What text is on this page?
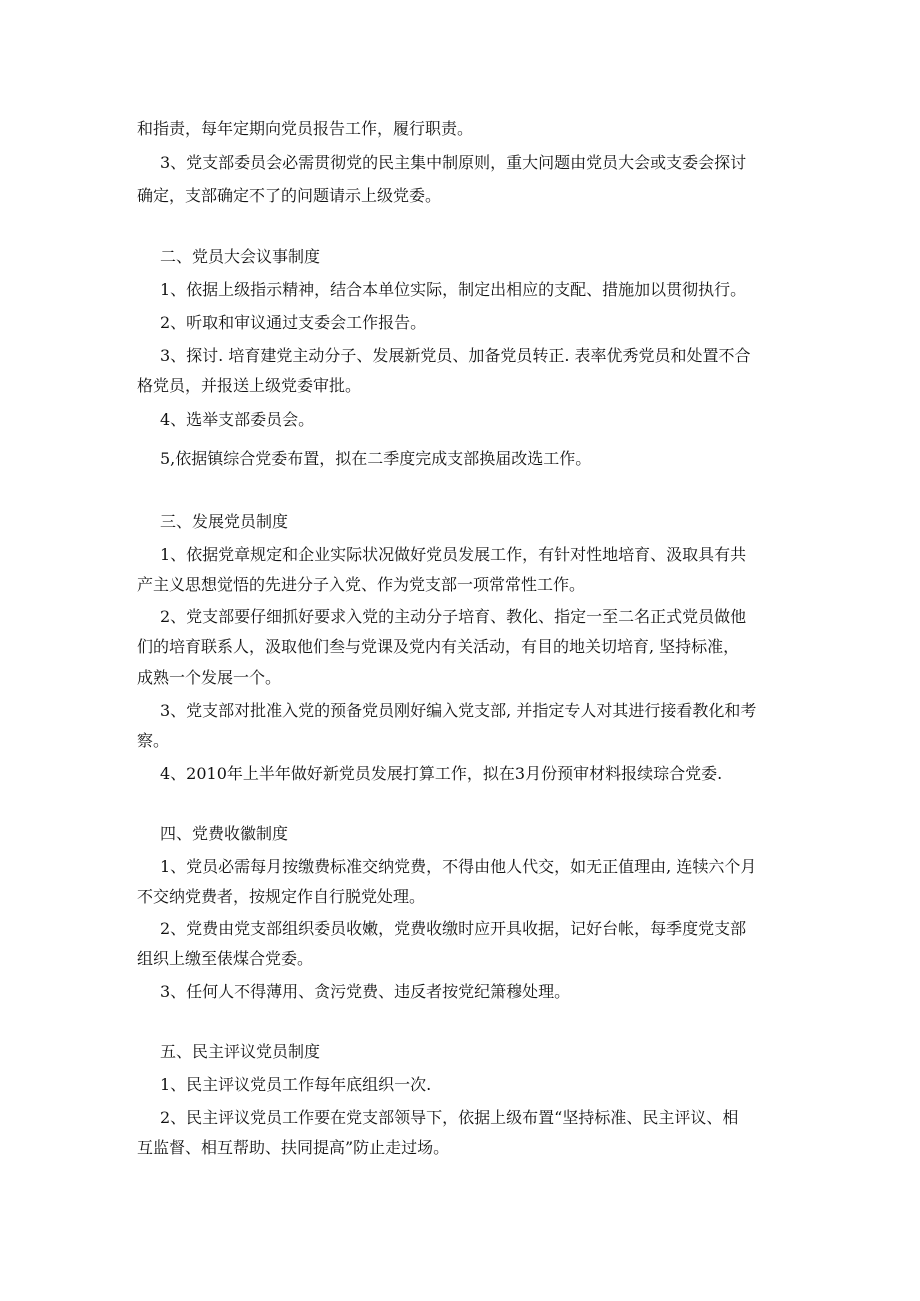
和指责，每年定期向党员报告工作，履行职责。
3、党支部委员会必需贯彻党的民主集中制原则，重大问题由党员大会或支委会探讨
确定，支部确定不了的问题请示上级党委。
二、党员大会议事制度
1、依据上级指示精神，结合本单位实际，制定出相应的支配、措施加以贯彻执行。
2、听取和审议通过支委会工作报告。
3、探讨. 培育建党主动分子、发展新党员、加备党员转正. 表率优秀党员和处置不合
格党员，并报送上级党委审批。
4、选举支部委员会。
5,依据镇综合党委布置，拟在二季度完成支部换届改选工作。
三、发展党员制度
1、依据党章规定和企业实际状况做好党员发展工作，有针对性地培育、汲取具有共
产主义思想觉悟的先进分子入党、作为党支部一项常常性工作。
2、党支部要仔细抓好要求入党的主动分子培育、教化、指定一至二名正式党员做他
们的培育联系人，汲取他们叁与党课及党内有关活动，有目的地关切培育, 坚持标准，
成熟一个发展一个。
3、党支部对批准入党的预备党员刚好编入党支部, 并指定专人对其进行接看教化和考
察。
4、2010年上半年做好新党员发展打算工作，拟在3月份预审材料报续琮合党委.
四、党费收徽制度
1、党员必需每月按缴费标准交纳党费，不得由他人代交，如无正值理由, 连犊六个月
不交纳党费者，按规定作自行脱党处理。
2、党费由党支部组织委员收嫩，党费收缴时应开具收据，记好台帐，每季度党支部
组织上缴至俵煤合党委。
3、任何人不得薄用、贪污党费、违反者按党纪箫穆处理。
五、民主评议党员制度
1、民主评议党员工作每年底组织一次.
2、民主评议党员工作要在党支部领导下，依据上级布置“坚持标准、民主评议、相
互监督、相互帮助、扶同提高”防止走过场。
